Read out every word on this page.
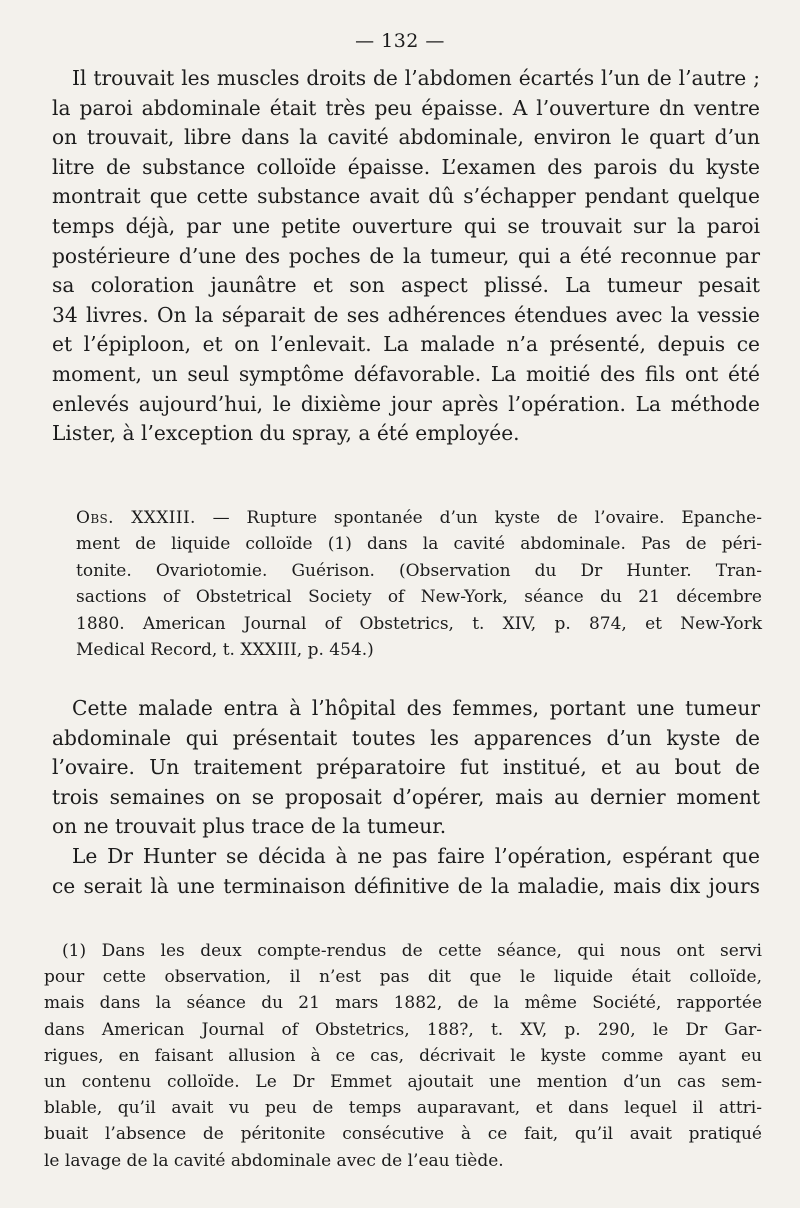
— 132 —
Il trouvait les muscles droits de l’abdomen écartés l’un de l’autre ;
la paroi abdominale était très peu épaisse. A l’ouverture dn ventre
on trouvait, libre dans la cavité abdominale, environ le quart d’un
litre de substance colloïde épaisse. L’examen des parois du kyste
montrait que cette substance avait dû s’échapper pendant quelque
temps déjà, par une petite ouverture qui se trouvait sur la paroi
postérieure d’une des poches de la tumeur, qui a été reconnue par
sa coloration jaunâtre et son aspect plissé. La tumeur pesait
34 livres. On la séparait de ses adhérences étendues avec la vessie
et l’épiploon, et on l’enlevait. La malade n’a présenté, depuis ce
moment, un seul symptôme défavorable. La moitié des fils ont été
enlevés aujourd’hui, le dixième jour après l’opération. La méthode
Lister, à l’exception du spray, a été employée.
Obs. XXXIII. — Rupture spontanée d’un kyste de l’ovaire. Epanche-
ment de liquide colloïde (1) dans la cavité abdominale. Pas de péri-
tonite. Ovariotomie. Guérison. (Observation du Dr Hunter. Tran-
sactions of Obstetrical Society of New-York, séance du 21 décembre
1880. American Journal of Obstetrics, t. XIV, p. 874, et New-York
Medical Record, t. XXXIII, p. 454.)
Cette malade entra à l’hôpital des femmes, portant une tumeur
abdominale qui présentait toutes les apparences d’un kyste de
l’ovaire. Un traitement préparatoire fut institué, et au bout de
trois semaines on se proposait d’opérer, mais au dernier moment
on ne trouvait plus trace de la tumeur.
Le Dr Hunter se décida à ne pas faire l’opération, espérant que
ce serait là une terminaison définitive de la maladie, mais dix jours
(1) Dans les deux compte-rendus de cette séance, qui nous ont servi
pour cette observation, il n’est pas dit que le liquide était colloïde,
mais dans la séance du 21 mars 1882, de la même Société, rapportée
dans American Journal of Obstetrics, 188?, t. XV, p. 290, le Dr Gar-
rigues, en faisant allusion à ce cas, décrivait le kyste comme ayant eu
un contenu colloïde. Le Dr Emmet ajoutait une mention d’un cas sem-
blable, qu’il avait vu peu de temps auparavant, et dans lequel il attri-
buait l’absence de péritonite consécutive à ce fait, qu’il avait pratiqué
le lavage de la cavité abdominale avec de l’eau tiède.
